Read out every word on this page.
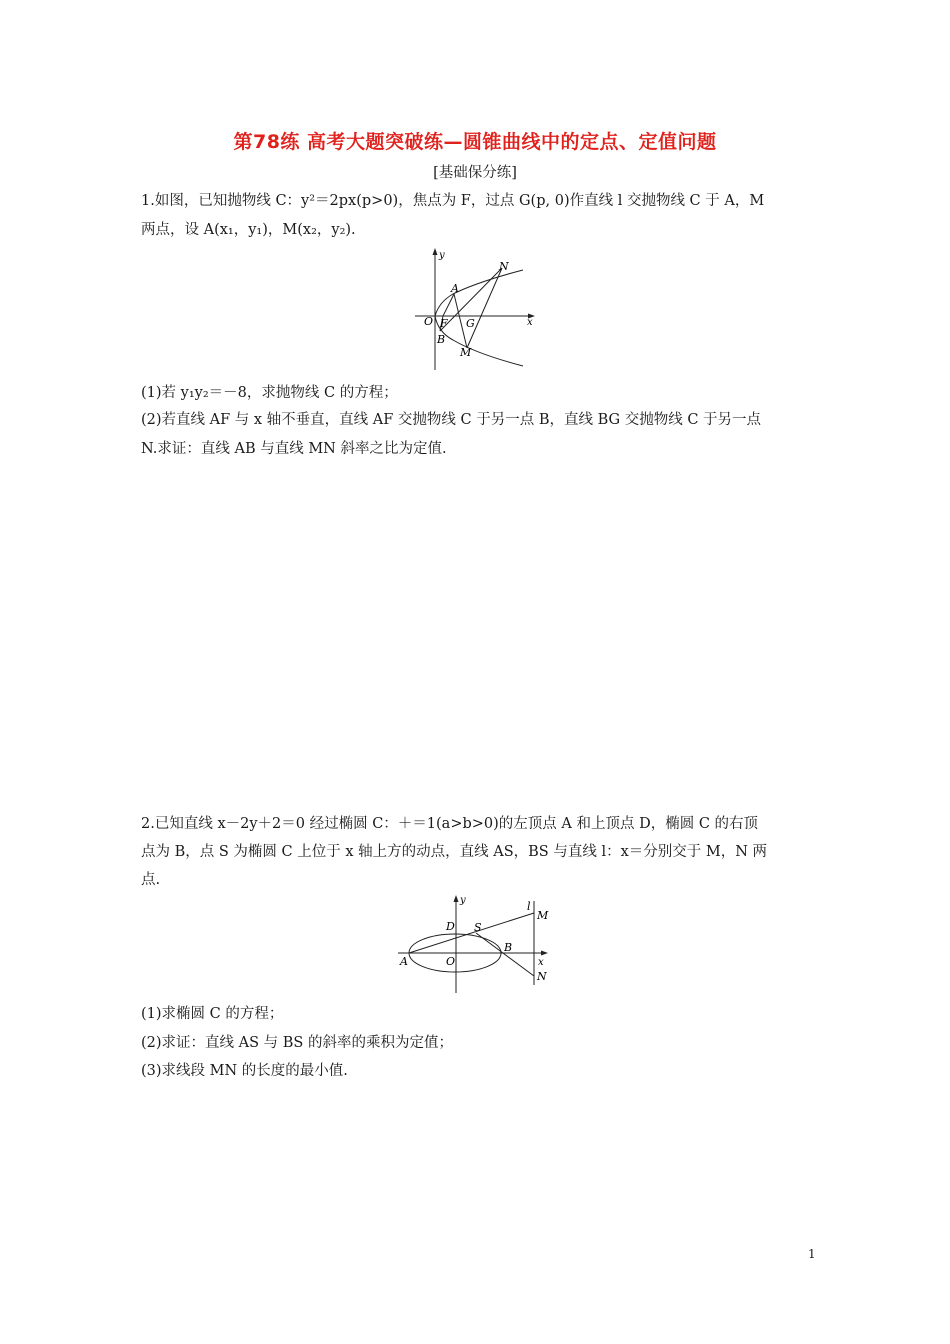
第78练 高考大题突破练—圆锥曲线中的定点、定值问题
[基础保分练]
1.如图，已知抛物线 C：y²＝2px(p>0)，焦点为 F，过点 G(p, 0)作直线 l 交抛物线 C 于 A，M
两点，设 A(x₁，y₁)，M(x₂，y₂).
y
x
O F G
A
B
M
N
(1)若 y₁y₂＝－8，求抛物线 C 的方程；
(2)若直线 AF 与 x 轴不垂直，直线 AF 交抛物线 C 于另一点 B，直线 BG 交抛物线 C 于另一点
N.求证：直线 AB 与直线 MN 斜率之比为定值.
2.已知直线 x－2y＋2＝0 经过椭圆 C：＋＝1(a>b>0)的左顶点 A 和上顶点 D，椭圆 C 的右顶
点为 B，点 S 为椭圆 C 上位于 x 轴上方的动点，直线 AS，BS 与直线 l：x＝分别交于 M，N 两
点.
y
x
O
A
B
D S
M
N
l
(1)求椭圆 C 的方程；
(2)求证：直线 AS 与 BS 的斜率的乘积为定值；
(3)求线段 MN 的长度的最小值.
1
